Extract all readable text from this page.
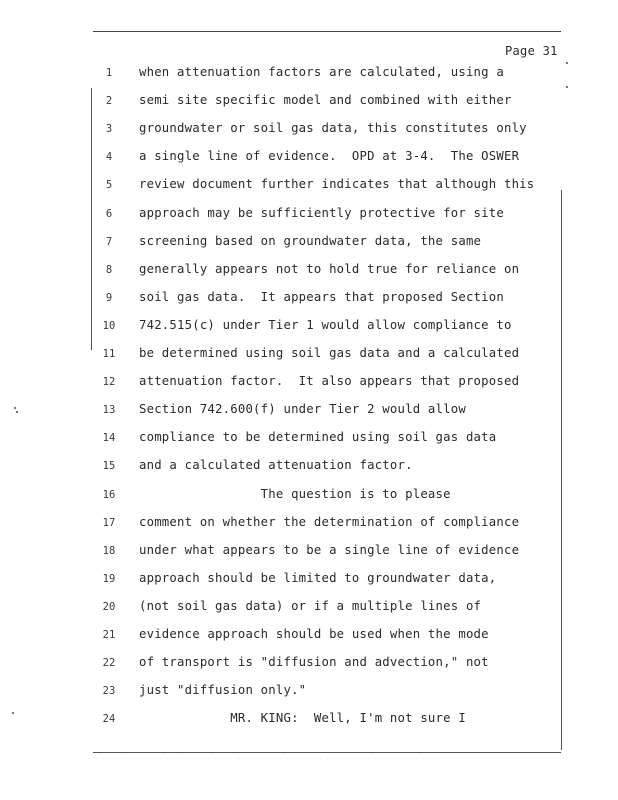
Page 31
1	when attenuation factors are calculated, using a
2	semi site specific model and combined with either
3	groundwater or soil gas data, this constitutes only
4	a single line of evidence.  OPD at 3-4.  The OSWER
5	review document further indicates that although this
6	approach may be sufficiently protective for site
7	screening based on groundwater data, the same
8	generally appears not to hold true for reliance on
9	soil gas data.  It appears that proposed Section
10	742.515(c) under Tier 1 would allow compliance to
11	be determined using soil gas data and a calculated
12	attenuation factor.  It also appears that proposed
13	Section 742.600(f) under Tier 2 would allow
14	compliance to be determined using soil gas data
15	and a calculated attenuation factor.
16	The question is to please
17	comment on whether the determination of compliance
18	under what appears to be a single line of evidence
19	approach should be limited to groundwater data,
20	(not soil gas data) or if a multiple lines of
21	evidence approach should be used when the mode
22	of transport is "diffusion and advection," not
23	just "diffusion only."
24	MR. KING:  Well, I'm not sure I
. . . . .. . . . . . .. .. . . . . . . . .. . . . . . . . . . . . . . . . . . . . . . . . . . . . . .
